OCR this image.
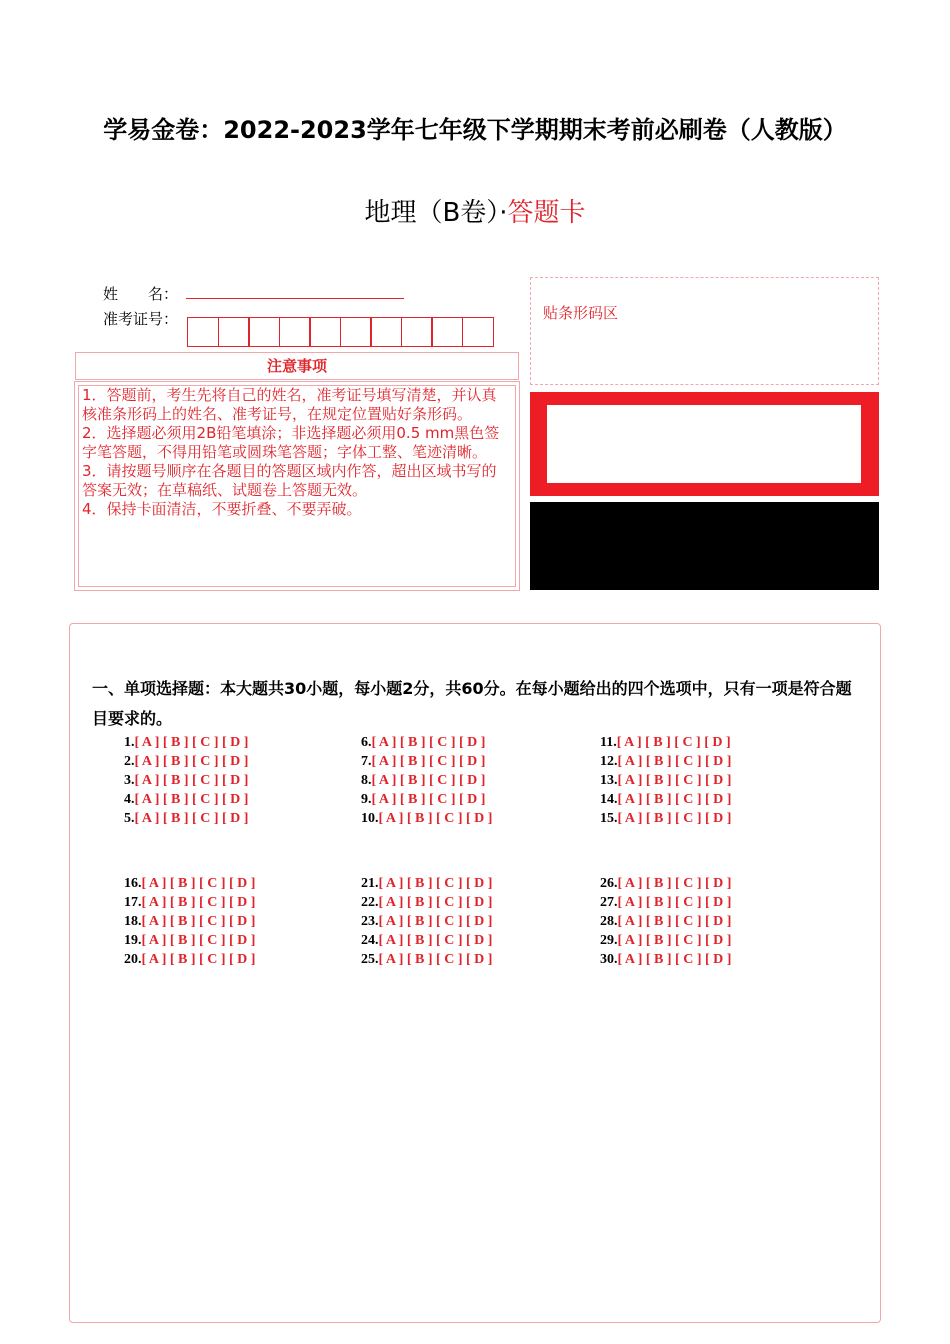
学易金卷：2022-2023学年七年级下学期期末考前必刷卷（人教版）
地理（B卷）·答题卡
姓　　名：
准考证号：
注意事项

1．答题前，考生先将自己的姓名，准考证号填写清楚，并认真核准条形码上的姓名、准考证号，在规定位置贴好条形码。

2．选择题必须用2B铅笔填涂；非选择题必须用0.5 mm黑色签字笔答题，不得用铅笔或圆珠笔答题；字体工整、笔迹清晰。

3．请按题号顺序在各题目的答题区域内作答，超出区域书写的答案无效；在草稿纸、试题卷上答题无效。

4．保持卡面清洁，不要折叠、不要弄破。

贴条形码区
一、单项选择题：本大题共30小题，每小题2分，共60分。在每小题给出的四个选项中，只有一项是符合题目要求的。
1.[ A ] [ B ] [ C ] [ D ]
2.[ A ] [ B ] [ C ] [ D ]
3.[ A ] [ B ] [ C ] [ D ]
4.[ A ] [ B ] [ C ] [ D ]
5.[ A ] [ B ] [ C ] [ D ]
6.[ A ] [ B ] [ C ] [ D ]
7.[ A ] [ B ] [ C ] [ D ]
8.[ A ] [ B ] [ C ] [ D ]
9.[ A ] [ B ] [ C ] [ D ]
10.[ A ] [ B ] [ C ] [ D ]
11.[ A ] [ B ] [ C ] [ D ]
12.[ A ] [ B ] [ C ] [ D ]
13.[ A ] [ B ] [ C ] [ D ]
14.[ A ] [ B ] [ C ] [ D ]
15.[ A ] [ B ] [ C ] [ D ]
16.[ A ] [ B ] [ C ] [ D ]
17.[ A ] [ B ] [ C ] [ D ]
18.[ A ] [ B ] [ C ] [ D ]
19.[ A ] [ B ] [ C ] [ D ]
20.[ A ] [ B ] [ C ] [ D ]
21.[ A ] [ B ] [ C ] [ D ]
22.[ A ] [ B ] [ C ] [ D ]
23.[ A ] [ B ] [ C ] [ D ]
24.[ A ] [ B ] [ C ] [ D ]
25.[ A ] [ B ] [ C ] [ D ]
26.[ A ] [ B ] [ C ] [ D ]
27.[ A ] [ B ] [ C ] [ D ]
28.[ A ] [ B ] [ C ] [ D ]
29.[ A ] [ B ] [ C ] [ D ]
30.[ A ] [ B ] [ C ] [ D ]
